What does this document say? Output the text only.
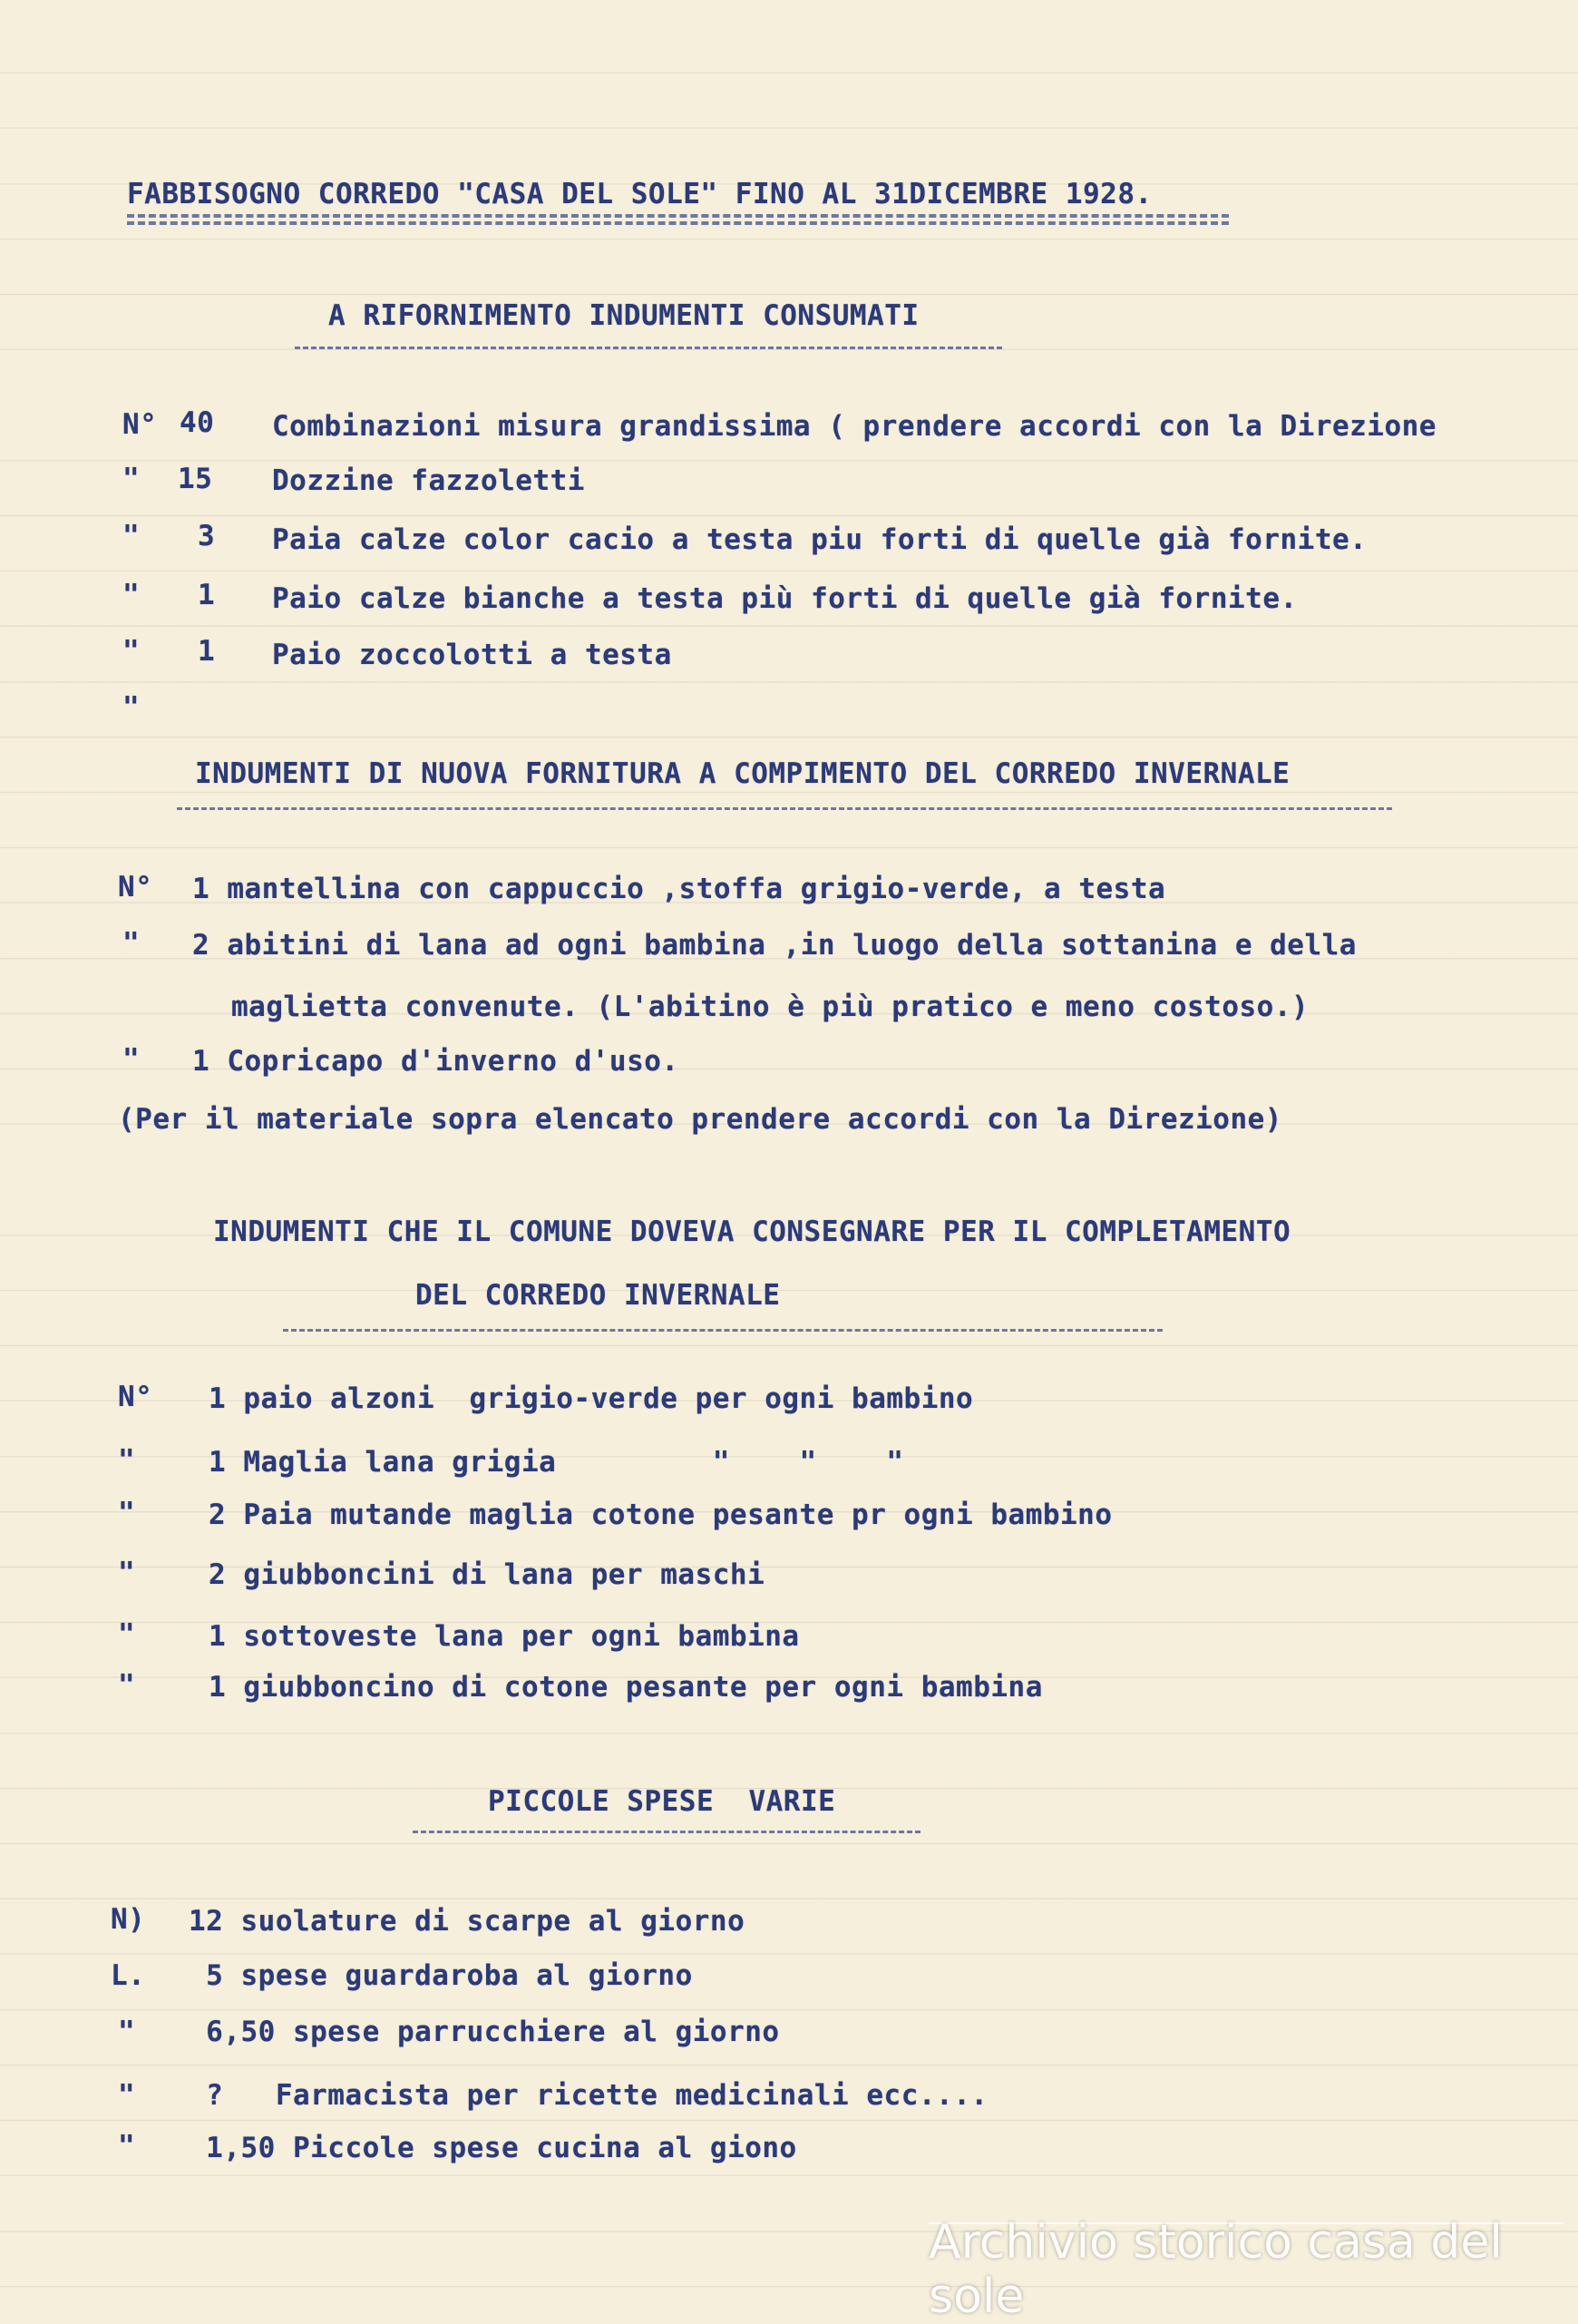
FABBISOGNO CORREDO "CASA DEL SOLE" FINO AL 31DICEMBRE 1928.
A RIFORNIMENTO INDUMENTI CONSUMATI
N° 40 Combinazioni misura grandissima ( prendere accordi con la Direzione
" 15 Dozzine fazzoletti
" 3 Paia calze color cacio a testa piu forti di quelle già fornite.
" 1 Paio calze bianche a testa più forti di quelle già fornite.
" 1 Paio zoccolotti a testa
"
INDUMENTI DI NUOVA FORNITURA A COMPIMENTO DEL CORREDO INVERNALE
N° 1 mantellina con cappuccio ,stoffa grigio-verde, a testa
" 2 abitini di lana ad ogni bambina ,in luogo della sottanina e della
maglietta convenute. (L'abitino è più pratico e meno costoso.)
" 1 Copricapo d'inverno d'uso.
(Per il materiale sopra elencato prendere accordi con la Direzione)
INDUMENTI CHE IL COMUNE DOVEVA CONSEGNARE PER IL COMPLETAMENTO
DEL CORREDO INVERNALE
N° 1 paio alzoni  grigio-verde per ogni bambino
"	1 Maglia lana grigia         "    "    "
"	2 Paia mutande maglia cotone pesante pr ogni bambino
"	2 giubboncini di lana per maschi
"	1 sottoveste lana per ogni bambina
"	1 giubboncino di cotone pesante per ogni bambina
PICCOLE SPESE  VARIE
N) 12 suolature di scarpe al giorno
L. 5 spese guardaroba al giorno
" 6,50 spese parrucchiere al giorno
" ?   Farmacista per ricette medicinali ecc....
" 1,50 Piccole spese cucina al giono
Archivio storico casa del sole
